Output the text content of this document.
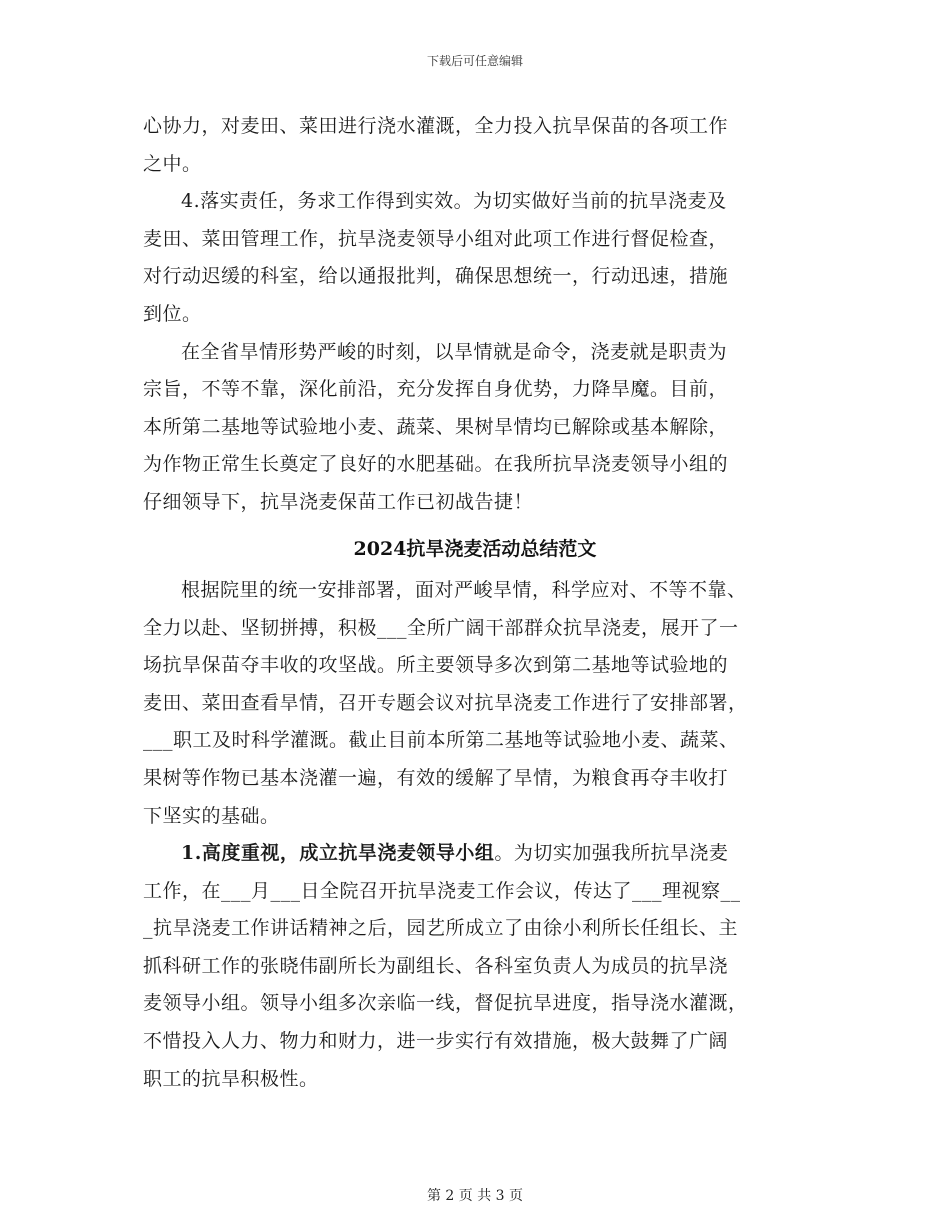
下载后可任意编辑

心协力，对麦田、菜田进行浇水灌溉，全力投入抗旱保苗的各项工作
之中。

4.落实责任，务求工作得到实效。为切实做好当前的抗旱浇麦及
麦田、菜田管理工作，抗旱浇麦领导小组对此项工作进行督促检查，
对行动迟缓的科室，给以通报批判，确保思想统一，行动迅速，措施
到位。

在全省旱情形势严峻的时刻，以旱情就是命令，浇麦就是职责为
宗旨，不等不靠，深化前沿，充分发挥自身优势，力降旱魔。目前，
本所第二基地等试验地小麦、蔬菜、果树旱情均已解除或基本解除，
为作物正常生长奠定了良好的水肥基础。在我所抗旱浇麦领导小组的
仔细领导下，抗旱浇麦保苗工作已初战告捷！

2024抗旱浇麦活动总结范文

根据院里的统一安排部署，面对严峻旱情，科学应对、不等不靠、
全力以赴、坚韧拼搏，积极___全所广阔干部群众抗旱浇麦，展开了一
场抗旱保苗夺丰收的攻坚战。所主要领导多次到第二基地等试验地的
麦田、菜田查看旱情，召开专题会议对抗旱浇麦工作进行了安排部署，
___职工及时科学灌溉。截止目前本所第二基地等试验地小麦、蔬菜、
果树等作物已基本浇灌一遍，有效的缓解了旱情，为粮食再夺丰收打
下坚实的基础。

1.高度重视，成立抗旱浇麦领导小组。为切实加强我所抗旱浇麦
工作，在___月___日全院召开抗旱浇麦工作会议，传达了___理视察__
_抗旱浇麦工作讲话精神之后，园艺所成立了由徐小利所长任组长、主
抓科研工作的张晓伟副所长为副组长、各科室负责人为成员的抗旱浇
麦领导小组。领导小组多次亲临一线，督促抗旱进度，指导浇水灌溉，
不惜投入人力、物力和财力，进一步实行有效措施，极大鼓舞了广阔
职工的抗旱积极性。

第 2 页 共 3 页
